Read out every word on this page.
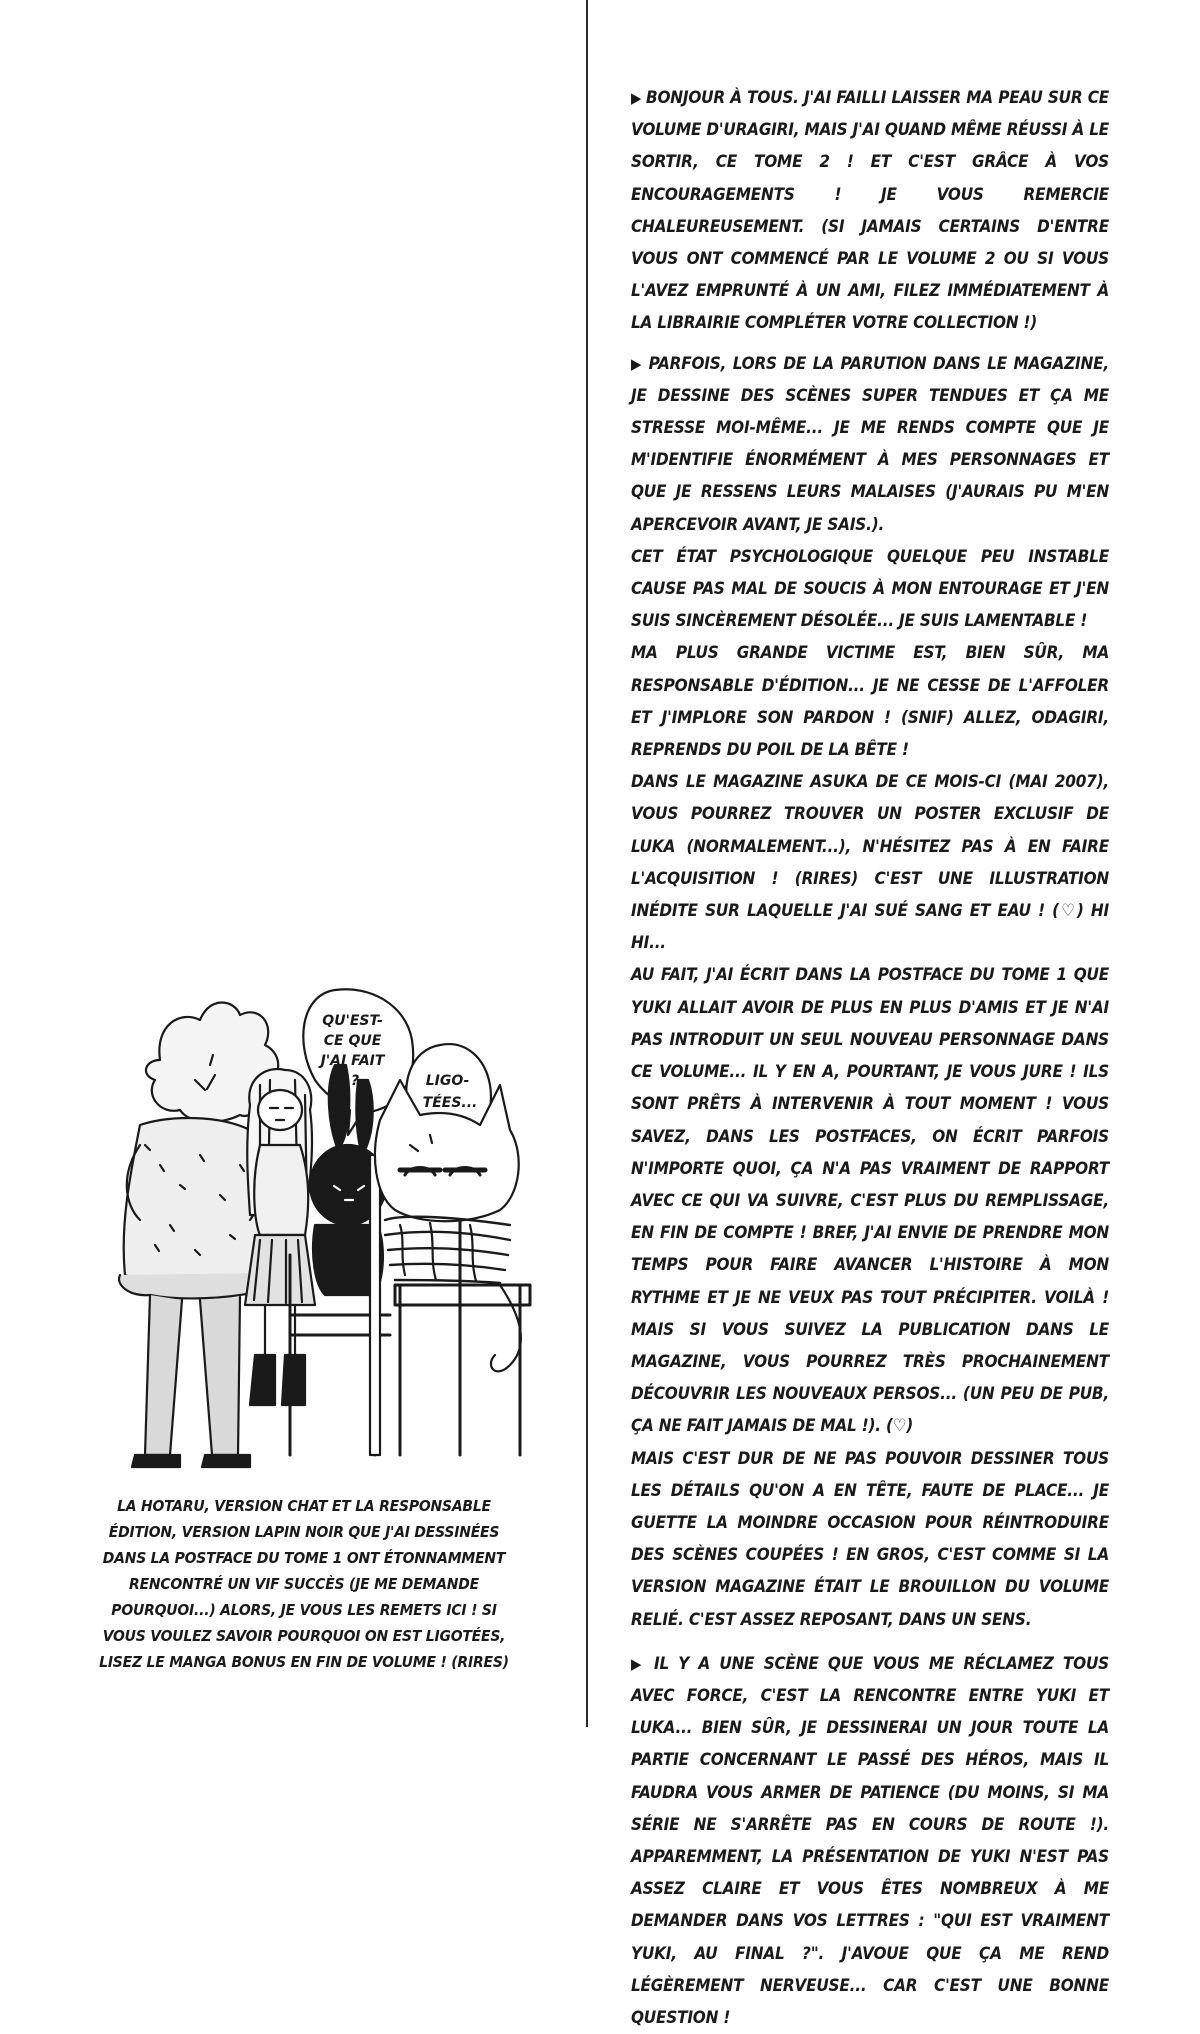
QU'EST- CE QUE J'AI FAIT ?	LIGO- TÉES...
LA HOTARU, VERSION CHAT ET LA RESPONSABLE ÉDITION, VERSION LAPIN NOIR QUE J'AI DESSINÉES DANS LA POSTFACE DU TOME 1 ONT ÉTONNAMMENT RENCONTRÉ UN VIF SUCCÈS (JE ME DEMANDE POURQUOI...) ALORS, JE VOUS LES REMETS ICI ! SI VOUS VOULEZ SAVOIR POURQUOI ON EST LIGOTÉES, LISEZ LE MANGA BONUS EN FIN DE VOLUME ! (RIRES)

▶ BONJOUR À TOUS. J'AI FAILLI LAISSER MA PEAU SUR CE VOLUME D'URAGIRI, MAIS J'AI QUAND MÊME RÉUSSI À LE SORTIR, CE TOME 2 ! ET C'EST GRÂCE À VOS ENCOURAGEMENTS ! JE VOUS REMERCIE CHALEUREUSEMENT. (SI JAMAIS CERTAINS D'ENTRE VOUS ONT COMMENCÉ PAR LE VOLUME 2 OU SI VOUS L'AVEZ EMPRUNTÉ À UN AMI, FILEZ IMMÉDIATEMENT À LA LIBRAIRIE COMPLÉTER VOTRE COLLECTION !)

▶ PARFOIS, LORS DE LA PARUTION DANS LE MAGAZINE, JE DESSINE DES SCÈNES SUPER TENDUES ET ÇA ME STRESSE MOI-MÊME... JE ME RENDS COMPTE QUE JE M'IDENTIFIE ÉNORMÉMENT À MES PERSONNAGES ET QUE JE RESSENS LEURS MALAISES (J'AURAIS PU M'EN APERCEVOIR AVANT, JE SAIS.).

CET ÉTAT PSYCHOLOGIQUE QUELQUE PEU INSTABLE CAUSE PAS MAL DE SOUCIS À MON ENTOURAGE ET J'EN SUIS SINCÈREMENT DÉSOLÉE... JE SUIS LAMENTABLE !

MA PLUS GRANDE VICTIME EST, BIEN SÛR, MA RESPONSABLE D'ÉDITION... JE NE CESSE DE L'AFFOLER ET J'IMPLORE SON PARDON ! (SNIF) ALLEZ, ODAGIRI, REPRENDS DU POIL DE LA BÊTE !

DANS LE MAGAZINE ASUKA DE CE MOIS-CI (MAI 2007), VOUS POURREZ TROUVER UN POSTER EXCLUSIF DE LUKA (NORMALEMENT...), N'HÉSITEZ PAS À EN FAIRE L'ACQUISITION ! (RIRES) C'EST UNE ILLUSTRATION INÉDITE SUR LAQUELLE J'AI SUÉ SANG ET EAU ! (♡) HI HI...

AU FAIT, J'AI ÉCRIT DANS LA POSTFACE DU TOME 1 QUE YUKI ALLAIT AVOIR DE PLUS EN PLUS D'AMIS ET JE N'AI PAS INTRODUIT UN SEUL NOUVEAU PERSONNAGE DANS CE VOLUME... IL Y EN A, POURTANT, JE VOUS JURE ! ILS SONT PRÊTS À INTERVENIR À TOUT MOMENT ! VOUS SAVEZ, DANS LES POSTFACES, ON ÉCRIT PARFOIS N'IMPORTE QUOI, ÇA N'A PAS VRAIMENT DE RAPPORT AVEC CE QUI VA SUIVRE, C'EST PLUS DU REMPLISSAGE, EN FIN DE COMPTE ! BREF, J'AI ENVIE DE PRENDRE MON TEMPS POUR FAIRE AVANCER L'HISTOIRE À MON RYTHME ET JE NE VEUX PAS TOUT PRÉCIPITER. VOILÀ ! MAIS SI VOUS SUIVEZ LA PUBLICATION DANS LE MAGAZINE, VOUS POURREZ TRÈS PROCHAINEMENT DÉCOUVRIR LES NOUVEAUX PERSOS... (UN PEU DE PUB, ÇA NE FAIT JAMAIS DE MAL !). (♡)

MAIS C'EST DUR DE NE PAS POUVOIR DESSINER TOUS LES DÉTAILS QU'ON A EN TÊTE, FAUTE DE PLACE... JE GUETTE LA MOINDRE OCCASION POUR RÉINTRODUIRE DES SCÈNES COUPÉES ! EN GROS, C'EST COMME SI LA VERSION MAGAZINE ÉTAIT LE BROUILLON DU VOLUME RELIÉ. C'EST ASSEZ REPOSANT, DANS UN SENS.

▶ IL Y A UNE SCÈNE QUE VOUS ME RÉCLAMEZ TOUS AVEC FORCE, C'EST LA RENCONTRE ENTRE YUKI ET LUKA... BIEN SÛR, JE DESSINERAI UN JOUR TOUTE LA PARTIE CONCERNANT LE PASSÉ DES HÉROS, MAIS IL FAUDRA VOUS ARMER DE PATIENCE (DU MOINS, SI MA SÉRIE NE S'ARRÊTE PAS EN COURS DE ROUTE !). APPAREMMENT, LA PRÉSENTATION DE YUKI N'EST PAS ASSEZ CLAIRE ET VOUS ÊTES NOMBREUX À ME DEMANDER DANS VOS LETTRES : "QUI EST VRAIMENT YUKI, AU FINAL ?". J'AVOUE QUE ÇA ME REND LÉGÈREMENT NERVEUSE... CAR C'EST UNE BONNE QUESTION !
